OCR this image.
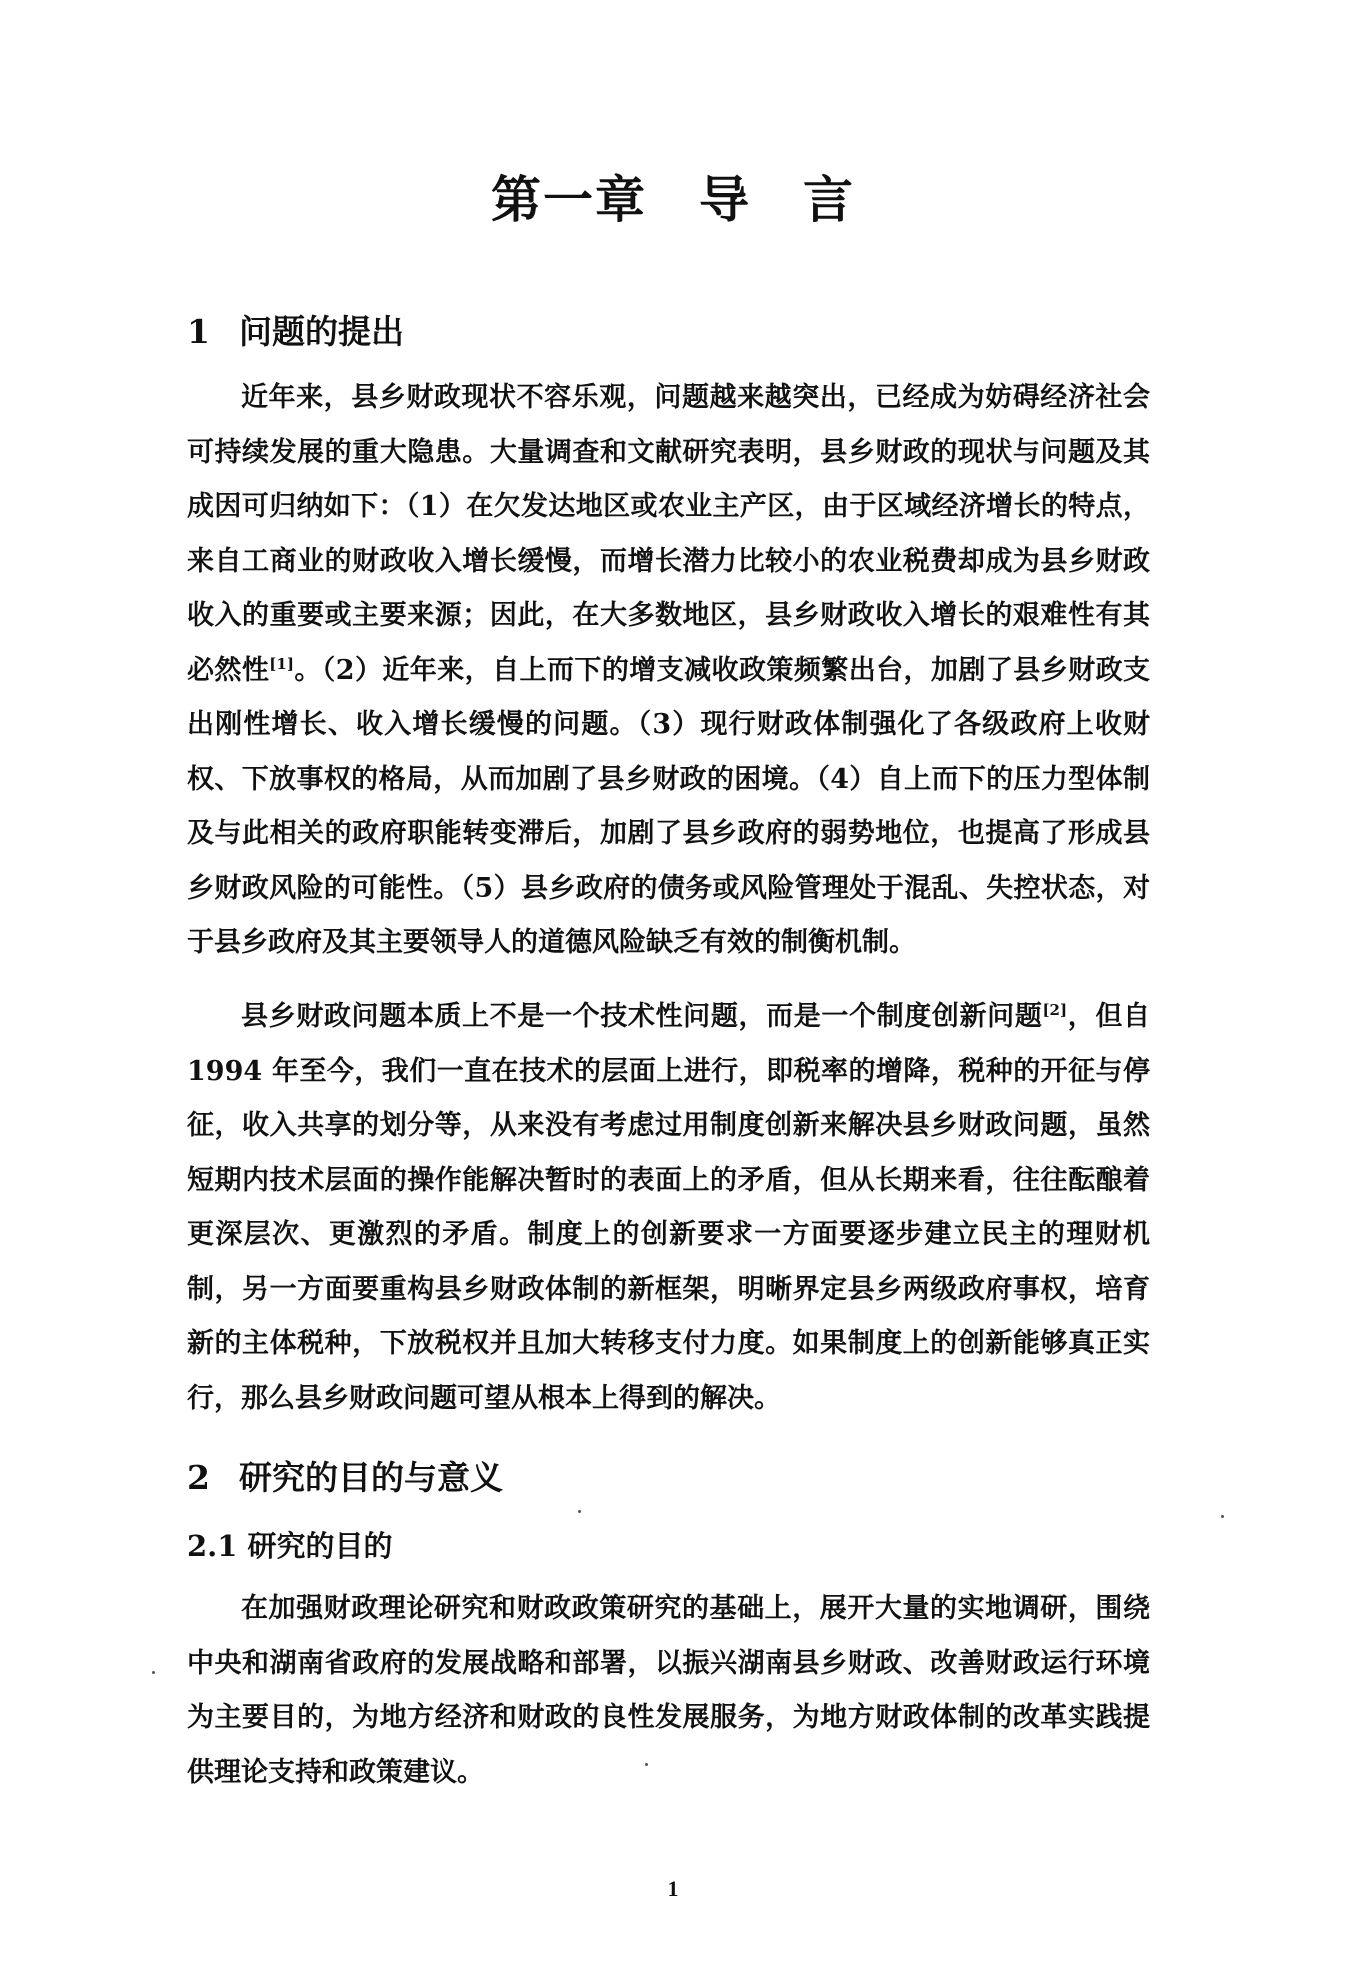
第一章　导　言
1 问题的提出
近年来，县乡财政现状不容乐观，问题越来越突出，已经成为妨碍经济社会可持续发展的重大隐患。大量调查和文献研究表明，县乡财政的现状与问题及其成因可归纳如下：（1）在欠发达地区或农业主产区，由于区域经济增长的特点，来自工商业的财政收入增长缓慢，而增长潜力比较小的农业税费却成为县乡财政收入的重要或主要来源；因此，在大多数地区，县乡财政收入增长的艰难性有其必然性[1]。（2）近年来，自上而下的增支减收政策频繁出台，加剧了县乡财政支出刚性增长、收入增长缓慢的问题。（3）现行财政体制强化了各级政府上收财权、下放事权的格局，从而加剧了县乡财政的困境。（4）自上而下的压力型体制及与此相关的政府职能转变滞后，加剧了县乡政府的弱势地位，也提高了形成县乡财政风险的可能性。（5）县乡政府的债务或风险管理处于混乱、失控状态，对于县乡政府及其主要领导人的道德风险缺乏有效的制衡机制。
县乡财政问题本质上不是一个技术性问题，而是一个制度创新问题[2]，但自1994 年至今，我们一直在技术的层面上进行，即税率的增降，税种的开征与停征，收入共享的划分等，从来没有考虑过用制度创新来解决县乡财政问题，虽然短期内技术层面的操作能解决暂时的表面上的矛盾，但从长期来看，往往酝酿着更深层次、更激烈的矛盾。制度上的创新要求一方面要逐步建立民主的理财机制，另一方面要重构县乡财政体制的新框架，明晰界定县乡两级政府事权，培育新的主体税种，下放税权并且加大转移支付力度。如果制度上的创新能够真正实行，那么县乡财政问题可望从根本上得到的解决。
2 研究的目的与意义
2.1 研究的目的
在加强财政理论研究和财政政策研究的基础上，展开大量的实地调研，围绕中央和湖南省政府的发展战略和部署，以振兴湖南县乡财政、改善财政运行环境为主要目的，为地方经济和财政的良性发展服务，为地方财政体制的改革实践提供理论支持和政策建议。
1
